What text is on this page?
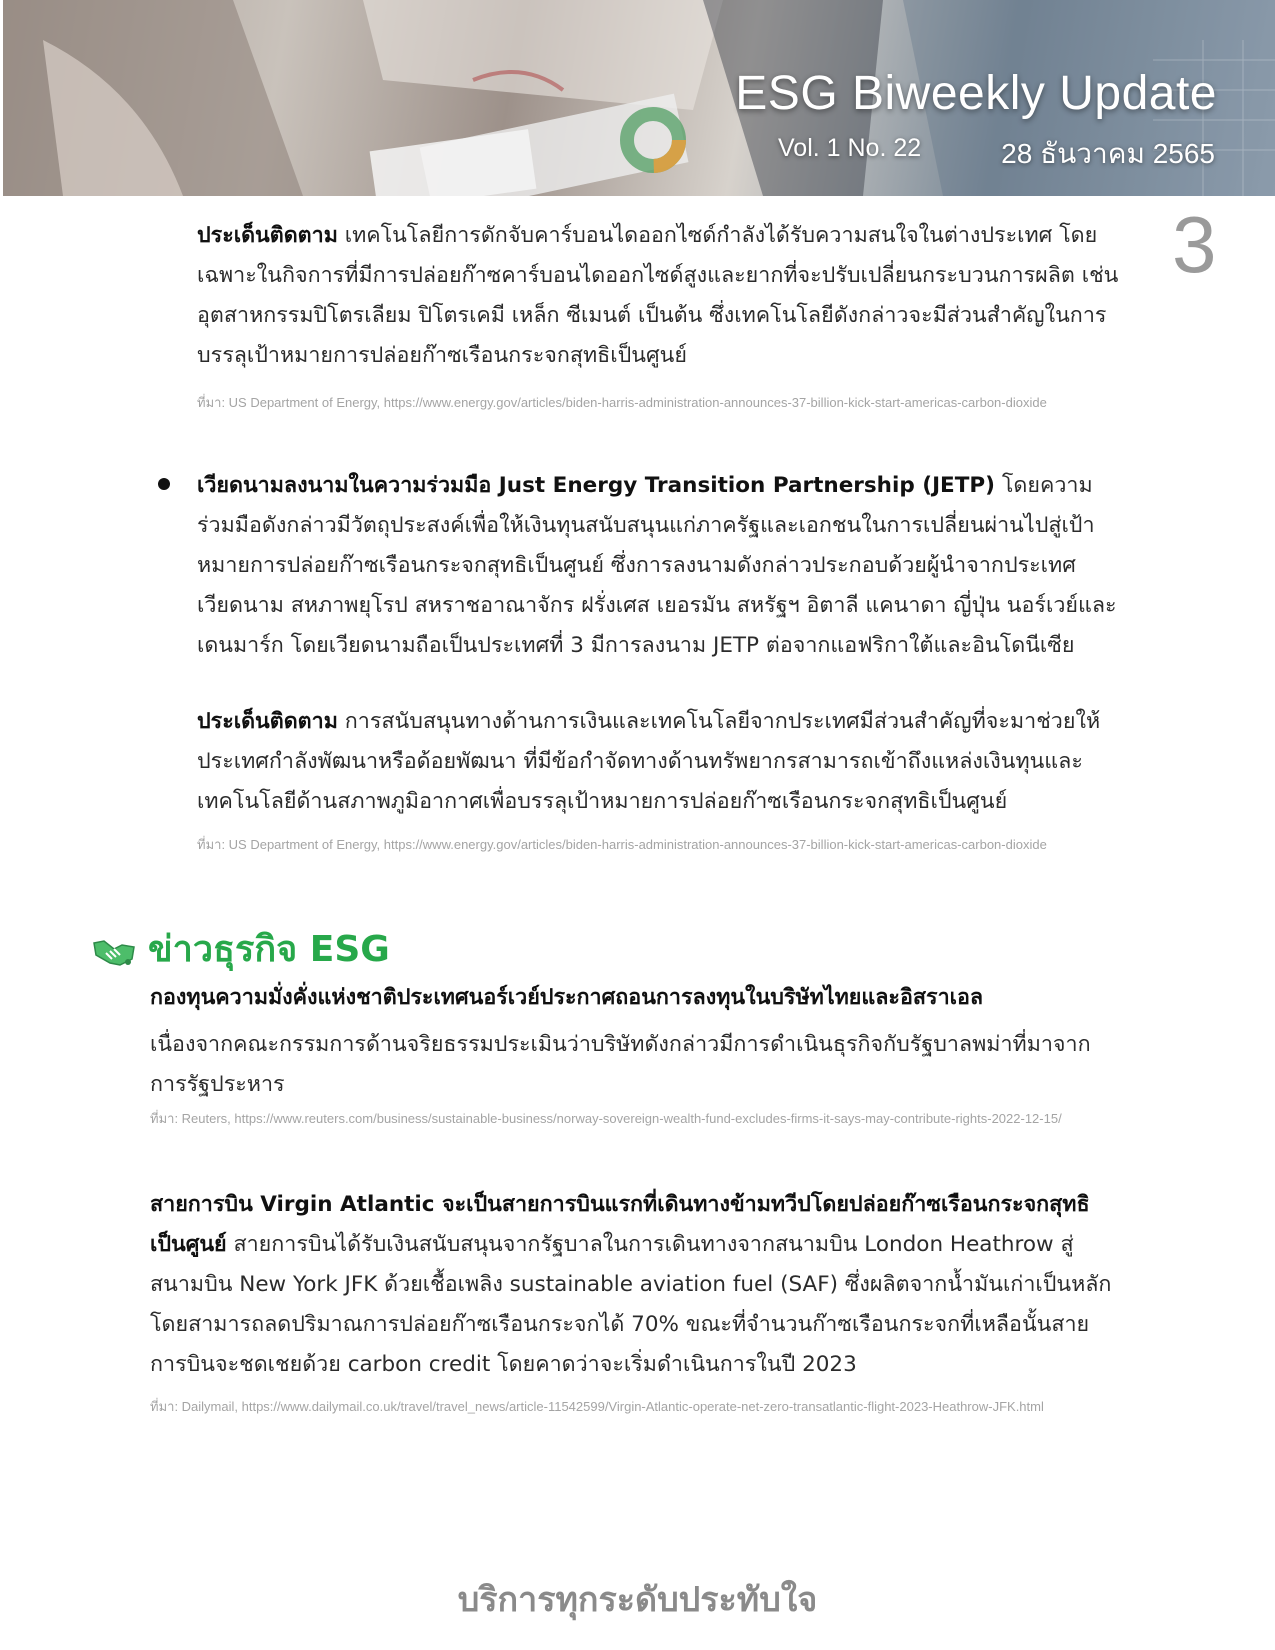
ESG Biweekly Update
Vol. 1 No. 22	28 ธันวาคม 2565
3
ประเด็นติดตาม เทคโนโลยีการดักจับคาร์บอนไดออกไซด์กำลังได้รับความสนใจในต่างประเทศ โดยเฉพาะในกิจการที่มีการปล่อยก๊าซคาร์บอนไดออกไซด์สูงและยากที่จะปรับเปลี่ยนกระบวนการผลิต เช่น อุตสาหกรรมปิโตรเลียม ปิโตรเคมี เหล็ก ซีเมนต์ เป็นต้น ซึ่งเทคโนโลยีดังกล่าวจะมีส่วนสำคัญในการบรรลุเป้าหมายการปล่อยก๊าซเรือนกระจกสุทธิเป็นศูนย์
ที่มา: US Department of Energy, https://www.energy.gov/articles/biden-harris-administration-announces-37-billion-kick-start-americas-carbon-dioxide
เวียดนามลงนามในความร่วมมือ Just Energy Transition Partnership (JETP) โดยความร่วมมือดังกล่าวมีวัตถุประสงค์เพื่อให้เงินทุนสนับสนุนแก่ภาครัฐและเอกชนในการเปลี่ยนผ่านไปสู่เป้าหมายการปล่อยก๊าซเรือนกระจกสุทธิเป็นศูนย์ ซึ่งการลงนามดังกล่าวประกอบด้วยผู้นำจากประเทศเวียดนาม สหภาพยุโรป สหราชอาณาจักร ฝรั่งเศส เยอรมัน สหรัฐฯ อิตาลี แคนาดา ญี่ปุ่น นอร์เวย์และเดนมาร์ก โดยเวียดนามถือเป็นประเทศที่ 3 มีการลงนาม JETP ต่อจากแอฟริกาใต้และอินโดนีเซีย
ประเด็นติดตาม การสนับสนุนทางด้านการเงินและเทคโนโลยีจากประเทศมีส่วนสำคัญที่จะมาช่วยให้ประเทศกำลังพัฒนาหรือด้อยพัฒนา ที่มีข้อกำจัดทางด้านทรัพยากรสามารถเข้าถึงแหล่งเงินทุนและเทคโนโลยีด้านสภาพภูมิอากาศเพื่อบรรลุเป้าหมายการปล่อยก๊าซเรือนกระจกสุทธิเป็นศูนย์
ที่มา: US Department of Energy, https://www.energy.gov/articles/biden-harris-administration-announces-37-billion-kick-start-americas-carbon-dioxide
ข่าวธุรกิจ ESG
กองทุนความมั่งคั่งแห่งชาติประเทศนอร์เวย์ประกาศถอนการลงทุนในบริษัทไทยและอิสราเอล
เนื่องจากคณะกรรมการด้านจริยธรรมประเมินว่าบริษัทดังกล่าวมีการดำเนินธุรกิจกับรัฐบาลพม่าที่มาจากการรัฐประหาร
ที่มา: Reuters, https://www.reuters.com/business/sustainable-business/norway-sovereign-wealth-fund-excludes-firms-it-says-may-contribute-rights-2022-12-15/
สายการบิน Virgin Atlantic จะเป็นสายการบินแรกที่เดินทางข้ามทวีปโดยปล่อยก๊าซเรือนกระจกสุทธิเป็นศูนย์ สายการบินได้รับเงินสนับสนุนจากรัฐบาลในการเดินทางจากสนามบิน London Heathrow สู่สนามบิน New York JFK ด้วยเชื้อเพลิง sustainable aviation fuel (SAF) ซึ่งผลิตจากน้ำมันเก่าเป็นหลัก โดยสามารถลดปริมาณการปล่อยก๊าซเรือนกระจกได้ 70% ขณะที่จำนวนก๊าซเรือนกระจกที่เหลือนั้นสายการบินจะชดเชยด้วย carbon credit โดยคาดว่าจะเริ่มดำเนินการในปี 2023
ที่มา: Dailymail, https://www.dailymail.co.uk/travel/travel_news/article-11542599/Virgin-Atlantic-operate-net-zero-transatlantic-flight-2023-Heathrow-JFK.html
บริการทุกระดับประทับใจ
